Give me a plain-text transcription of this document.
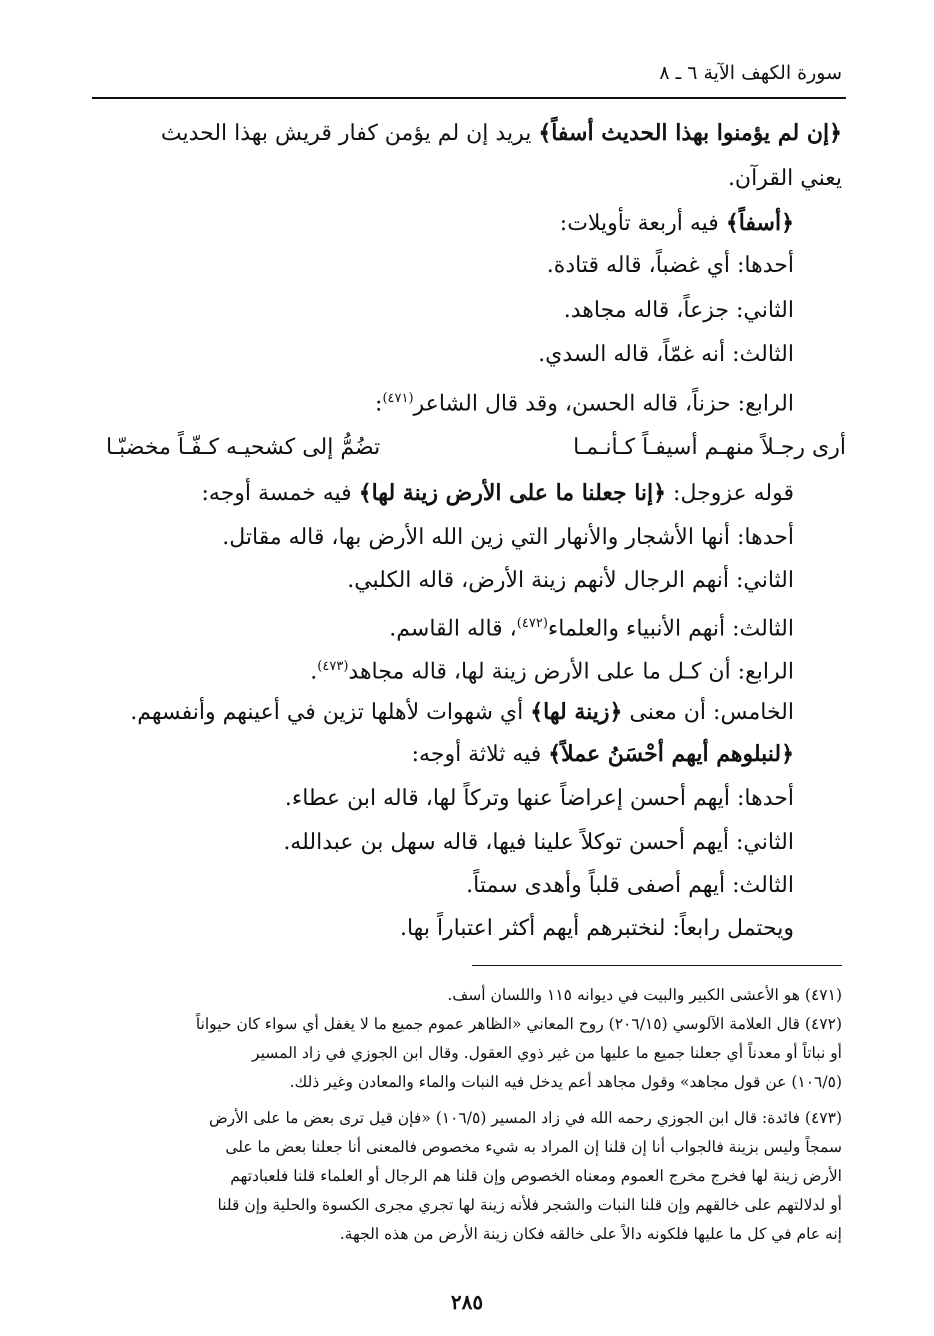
سورة الكهف الآية ٦ ـ ٨
﴿إن لم يؤمنوا بهذا الحديث أسفاً﴾ يريد إن لم يؤمن كفار قريش بهذا الحديث
يعني القرآن.
﴿أسفاً﴾ فيه أربعة تأويلات:
أحدها: أي غضباً، قاله قتادة.
الثاني: جزعاً، قاله مجاهد.
الثالث: أنه غمّاً، قاله السدي.
الرابع: حزناً، قاله الحسن، وقد قال الشاعر$^{(٤٧١)}$:
أرى رجـلاً منهـم أسيفـاً كـأنـمـا
تضُمُّ إلى كشحيـه كـفّـاً مخضبّـا
قوله عزوجل: ﴿إنا جعلنا ما على الأرض زينة لها﴾ فيه خمسة أوجه:
أحدها: أنها الأشجار والأنهار التي زين الله الأرض بها، قاله مقاتل.
الثاني: أنهم الرجال لأنهم زينة الأرض، قاله الكلبي.
الثالث: أنهم الأنبياء والعلماء$^{(٤٧٢)}$، قاله القاسم.
الرابع: أن كـل ما على الأرض زينة لها، قاله مجاهد$^{(٤٧٣)}$.
الخامس: أن معنى ﴿زينة لها﴾ أي شهوات لأهلها تزين في أعينهم وأنفسهم.
﴿لنبلوهم أيهم أحْسَنُ عملاً﴾ فيه ثلاثة أوجه:
أحدها: أيهم أحسن إعراضاً عنها وتركاً لها، قاله ابن عطاء.
الثاني: أيهم أحسن توكلاً علينا فيها، قاله سهل بن عبدالله.
الثالث: أيهم أصفى قلباً وأهدى سمتاً.
ويحتمل رابعاً: لنختبرهم أيهم أكثر اعتباراً بها.
(٤٧١) هو الأعشى الكبير والبيت في ديوانه ١١٥ واللسان أسف.
(٤٧٢) قال العلامة الآلوسي (٢٠٦/١٥) روح المعاني «الظاهر عموم جميع ما لا يغفل أي سواء كان حيواناً
أو نباتاً أو معدناً أي جعلنا جميع ما عليها من غير ذوي العقول. وقال ابن الجوزي في زاد المسير
(١٠٦/٥) عن قول مجاهد» وقول مجاهد أعم يدخل فيه النبات والماء والمعادن وغير ذلك.
(٤٧٣) فائدة: قال ابن الجوزي رحمه الله في زاد المسير (١٠٦/٥) «فإن قيل ترى بعض ما على الأرض
سمجاً وليس بزينة فالجواب أنا إن قلنا إن المراد به شيء مخصوص فالمعنى أنا جعلنا بعض ما على
الأرض زينة لها فخرج مخرج العموم ومعناه الخصوص وإن قلنا هم الرجال أو العلماء قلنا فلعبادتهم
أو لدلالتهم على خالقهم وإن قلنا النبات والشجر فلأنه زينة لها تجري مجرى الكسوة والحلية وإن قلنا
إنه عام في كل ما عليها فلكونه دالاً على خالقه فكان زينة الأرض من هذه الجهة.
٢٨٥
